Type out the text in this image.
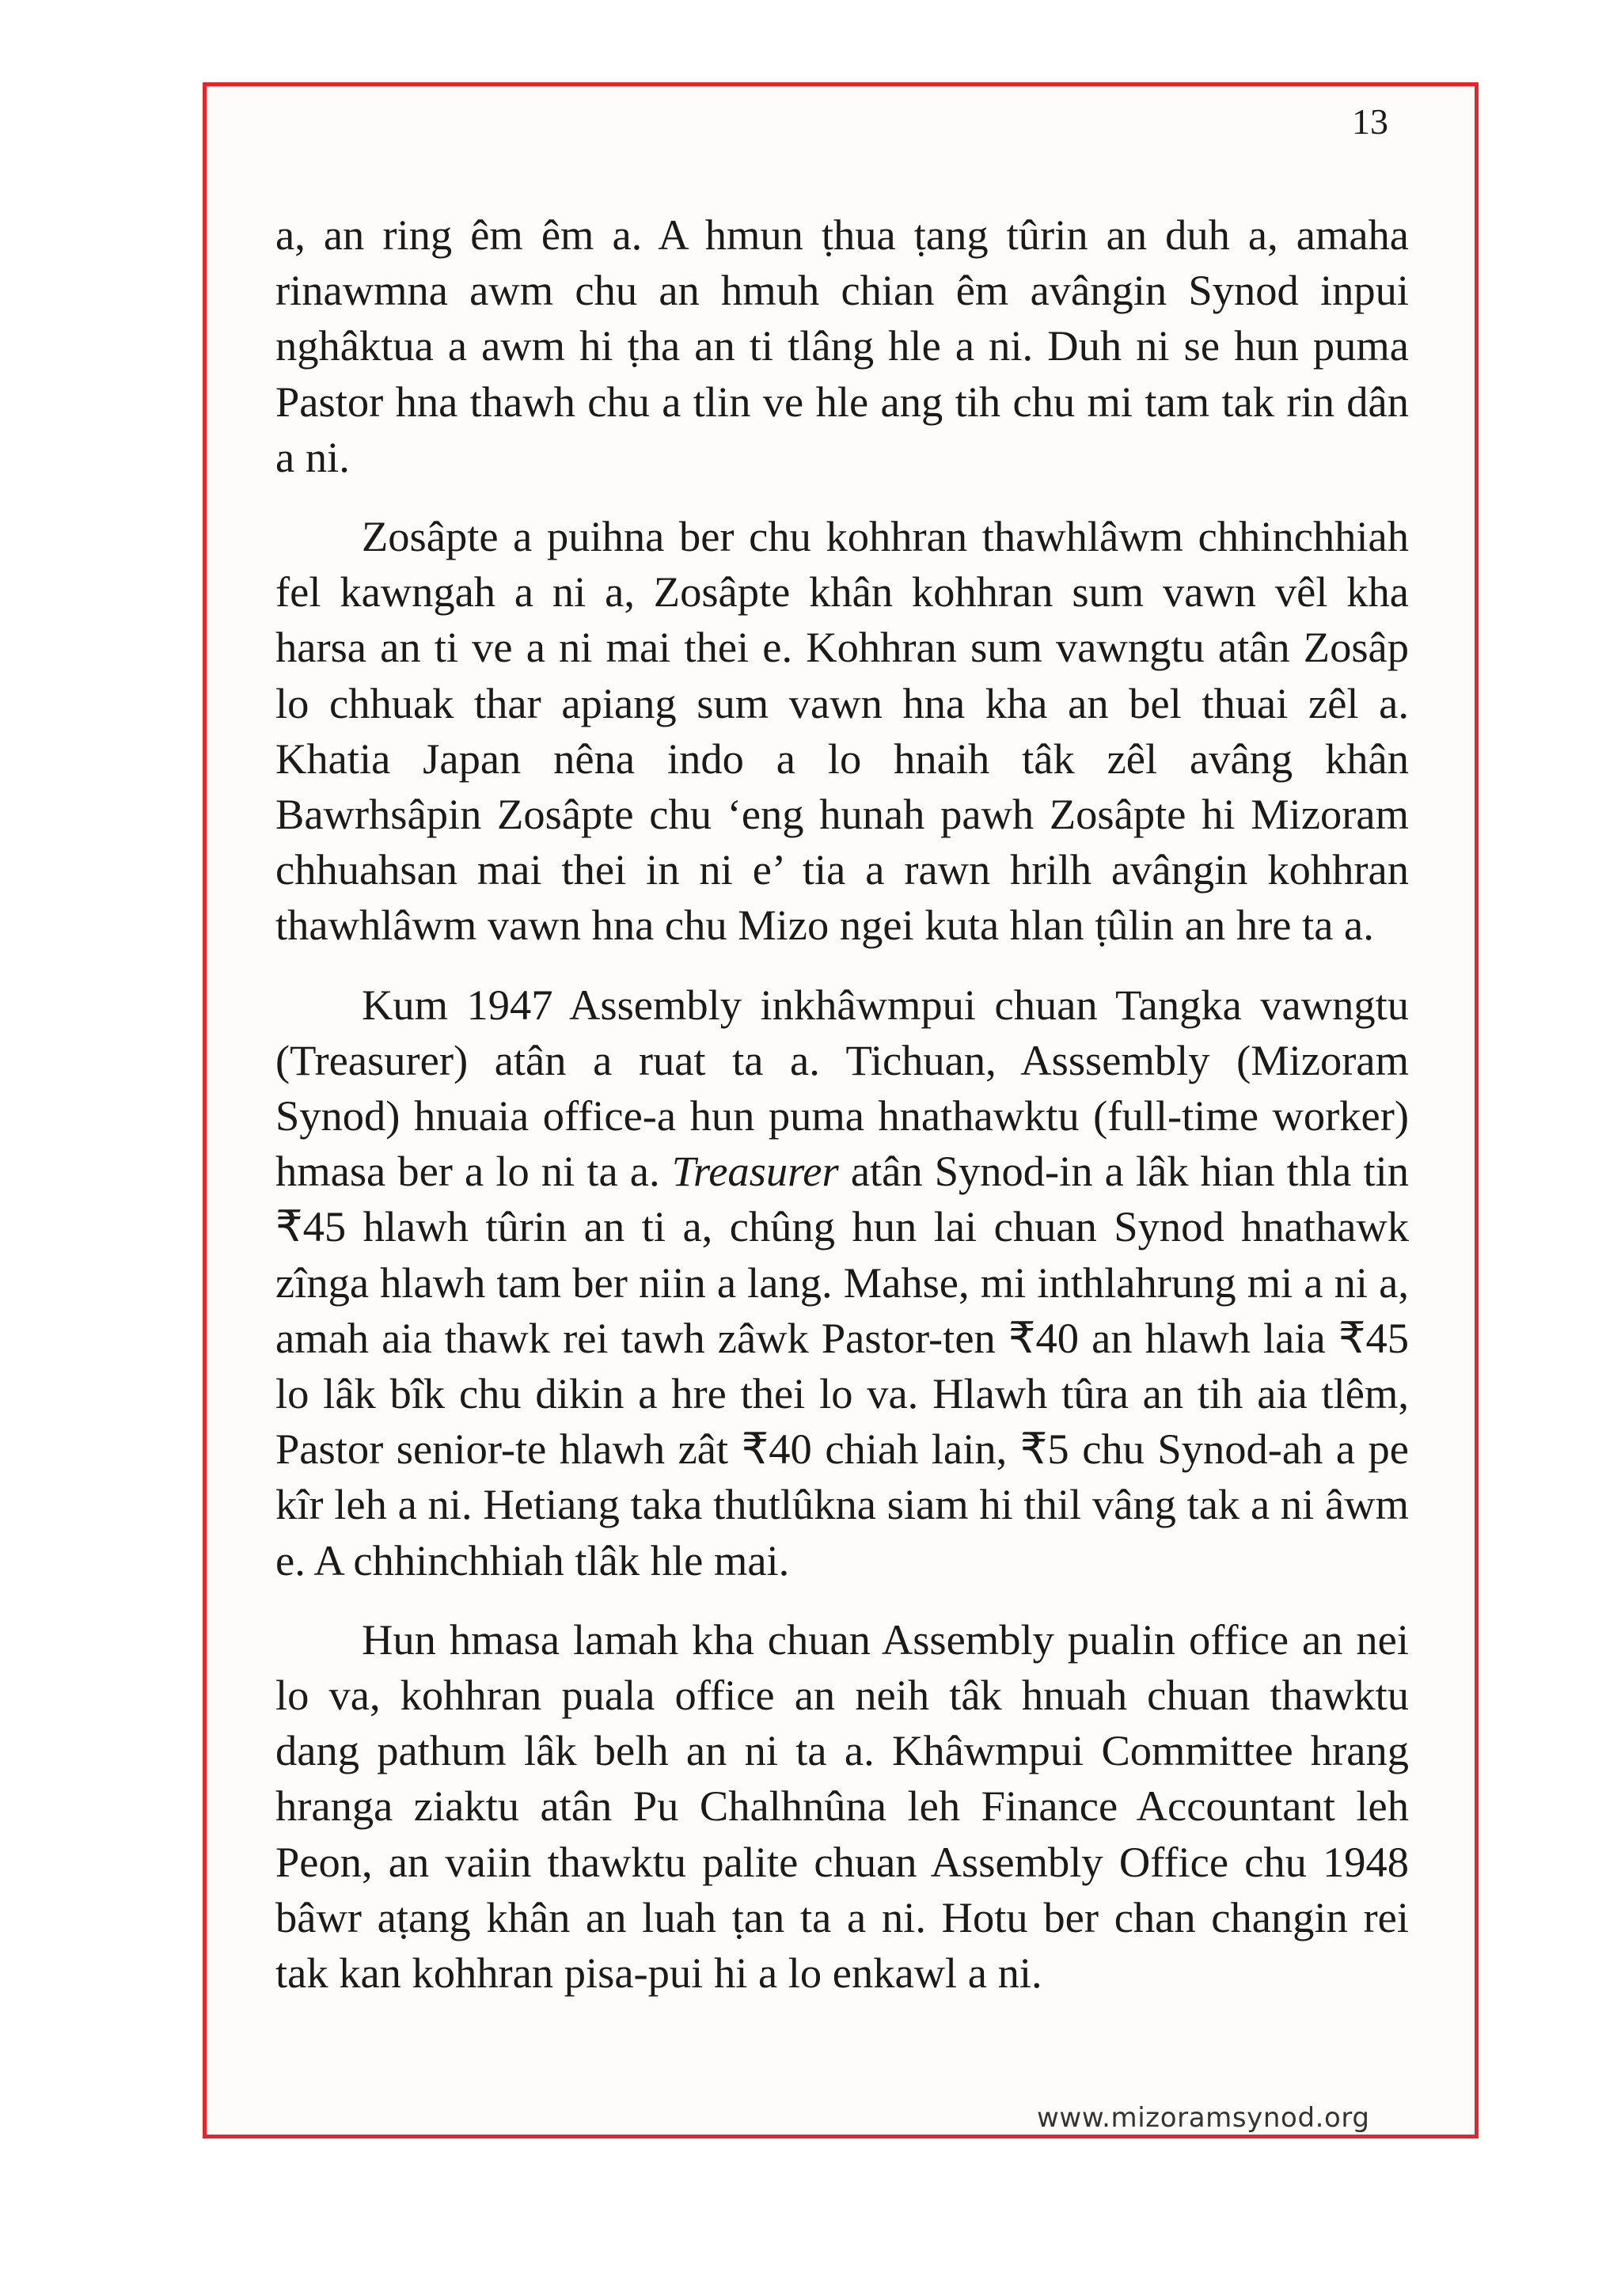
13

a, an ring êm êm a. A hmun ṭhua ṭang tûrin an duh a, amaha rinawmna awm chu an hmuh chian êm avângin Synod inpui nghâktua a awm hi ṭha an ti tlâng hle a ni. Duh ni se hun puma Pastor hna thawh chu a tlin ve hle ang tih chu mi tam tak rin dân a ni.

Zosâpte a puihna ber chu kohhran thawhlâwm chhinchhiah fel kawngah a ni a, Zosâpte khân kohhran sum vawn vêl kha harsa an ti ve a ni mai thei e. Kohhran sum vawngtu atân Zosâp lo chhuak thar apiang sum vawn hna kha an bel thuai zêl a. Khatia Japan nêna indo a lo hnaih tâk zêl avâng khân Bawrhsâpin Zosâpte chu ‘eng hunah pawh Zosâpte hi Mizoram chhuahsan mai thei in ni e’ tia a rawn hrilh avângin kohhran thawhlâwm vawn hna chu Mizo ngei kuta hlan ṭûlin an hre ta a.

Kum 1947 Assembly inkhâwmpui chuan Tangka vawngtu (Treasurer) atân a ruat ta a. Tichuan, Asssembly (Mizoram Synod) hnuaia office-a hun puma hnathawktu (full-time worker) hmasa ber a lo ni ta a. Treasurer atân Synod-in a lâk hian thla tin ₹45 hlawh tûrin an ti a, chûng hun lai chuan Synod hnathawk zînga hlawh tam ber niin a lang. Mahse, mi inthlahrung mi a ni a, amah aia thawk rei tawh zâwk Pastor-ten ₹40 an hlawh laia ₹45 lo lâk bîk chu dikin a hre thei lo va. Hlawh tûra an tih aia tlêm, Pastor senior-te hlawh zât ₹40 chiah lain, ₹5 chu Synod-ah a pe kîr leh a ni. Hetiang taka thutlûkna siam hi thil vâng tak a ni âwm e. A chhinchhiah tlâk hle mai.

Hun hmasa lamah kha chuan Assembly pualin office an nei lo va, kohhran puala office an neih tâk hnuah chuan thawktu dang pathum lâk belh an ni ta a. Khâwmpui Committee hrang hranga ziaktu atân Pu Chalhnûna leh Finance Accountant leh Peon, an vaiin thawktu palite chuan Assembly Office chu 1948 bâwr aṭang khân an luah ṭan ta a ni. Hotu ber chan changin rei tak kan kohhran pisa-pui hi a lo enkawl a ni.

www.mizoramsynod.org
